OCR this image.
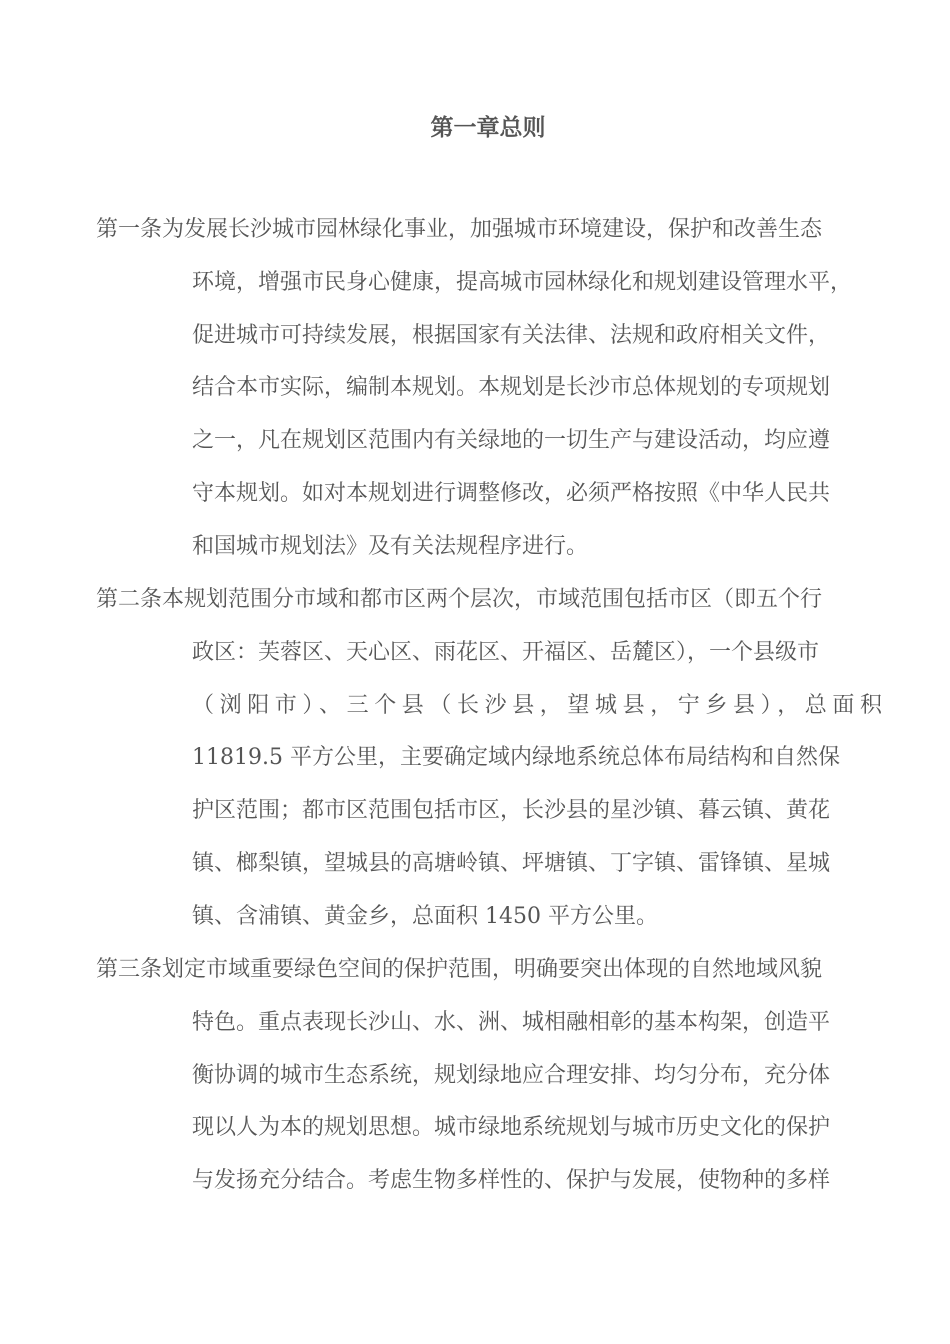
第一章总则
第一条为发展长沙城市园林绿化事业，加强城市环境建设，保护和改善生态
环境，增强市民身心健康，提高城市园林绿化和规划建设管理水平，
促进城市可持续发展，根据国家有关法律、法规和政府相关文件，
结合本市实际，编制本规划。本规划是长沙市总体规划的专项规划
之一，凡在规划区范围内有关绿地的一切生产与建设活动，均应遵
守本规划。如对本规划进行调整修改，必须严格按照《中华人民共
和国城市规划法》及有关法规程序进行。
第二条本规划范围分市域和都市区两个层次，市域范围包括市区（即五个行
政区：芙蓉区、天心区、雨花区、开福区、岳麓区），一个县级市
（浏阳市）、三个县（长沙县，望城县，宁乡县），总面积
11819.5 平方公里，主要确定域内绿地系统总体布局结构和自然保
护区范围；都市区范围包括市区，长沙县的星沙镇、暮云镇、黄花
镇、榔梨镇，望城县的高塘岭镇、坪塘镇、丁字镇、雷锋镇、星城
镇、含浦镇、黄金乡，总面积 1450 平方公里。
第三条划定市域重要绿色空间的保护范围，明确要突出体现的自然地域风貌
特色。重点表现长沙山、水、洲、城相融相彰的基本构架，创造平
衡协调的城市生态系统，规划绿地应合理安排、均匀分布，充分体
现以人为本的规划思想。城市绿地系统规划与城市历史文化的保护
与发扬充分结合。考虑生物多样性的、保护与发展，使物种的多样
